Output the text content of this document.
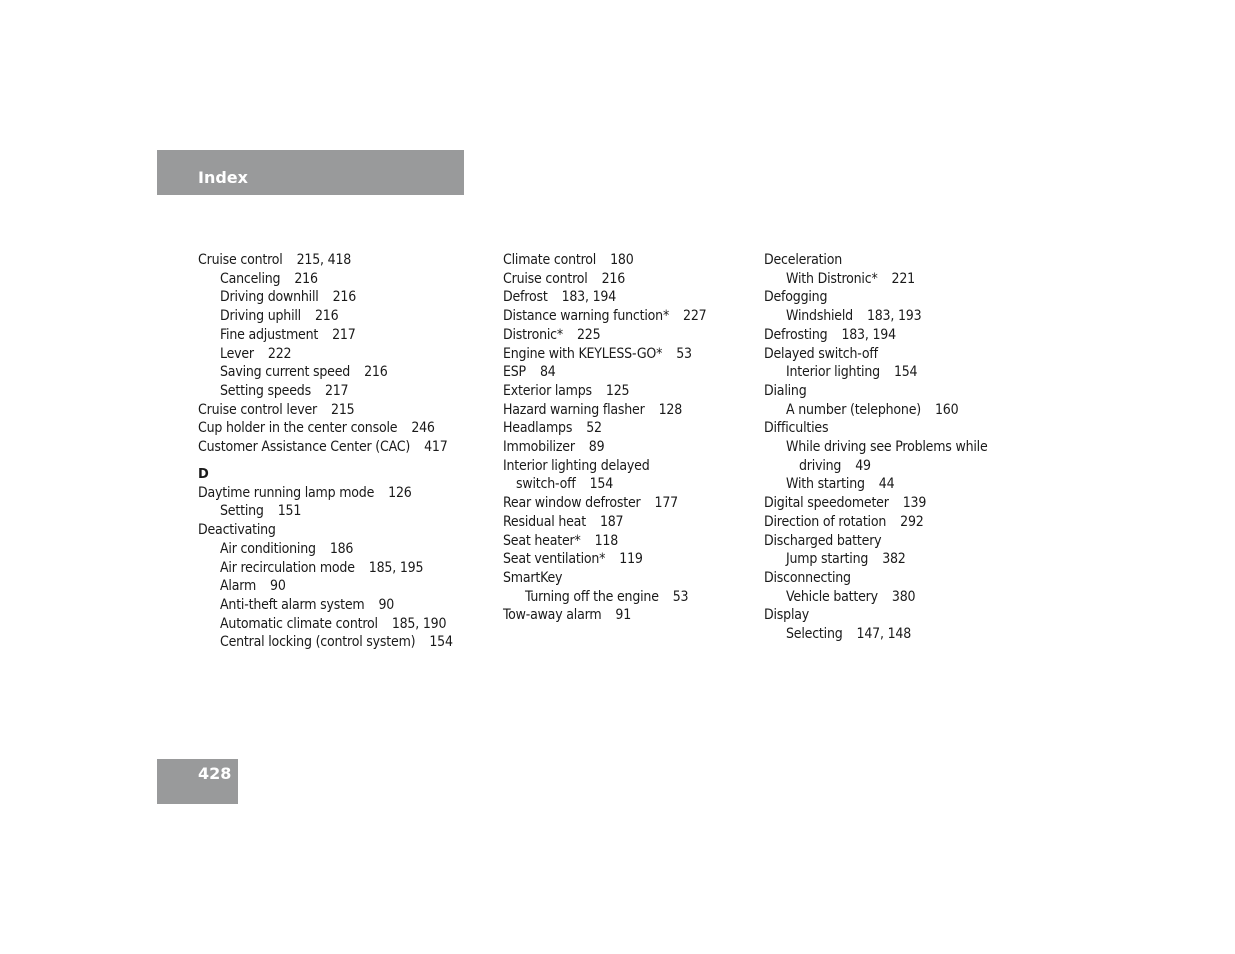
Index
Cruise control 215, 418
Canceling 216
Driving downhill 216
Driving uphill 216
Fine adjustment 217
Lever 222
Saving current speed 216
Setting speeds 217
Cruise control lever 215
Cup holder in the center console 246
Customer Assistance Center (CAC) 417
D
Daytime running lamp mode 126
Setting 151
Deactivating
Air conditioning 186
Air recirculation mode 185, 195
Alarm 90
Anti-theft alarm system 90
Automatic climate control 185, 190
Central locking (control system) 154
Climate control 180
Cruise control 216
Defrost 183, 194
Distance warning function* 227
Distronic* 225
Engine with KEYLESS-GO* 53
ESP 84
Exterior lamps 125
Hazard warning flasher 128
Headlamps 52
Immobilizer 89
Interior lighting delayed
switch-off 154
Rear window defroster 177
Residual heat 187
Seat heater* 118
Seat ventilation* 119
SmartKey
Turning off the engine 53
Tow-away alarm 91
Deceleration
With Distronic* 221
Defogging
Windshield 183, 193
Defrosting 183, 194
Delayed switch-off
Interior lighting 154
Dialing
A number (telephone) 160
Difficulties
While driving see Problems while
driving 49
With starting 44
Digital speedometer 139
Direction of rotation 292
Discharged battery
Jump starting 382
Disconnecting
Vehicle battery 380
Display
Selecting 147, 148
428
